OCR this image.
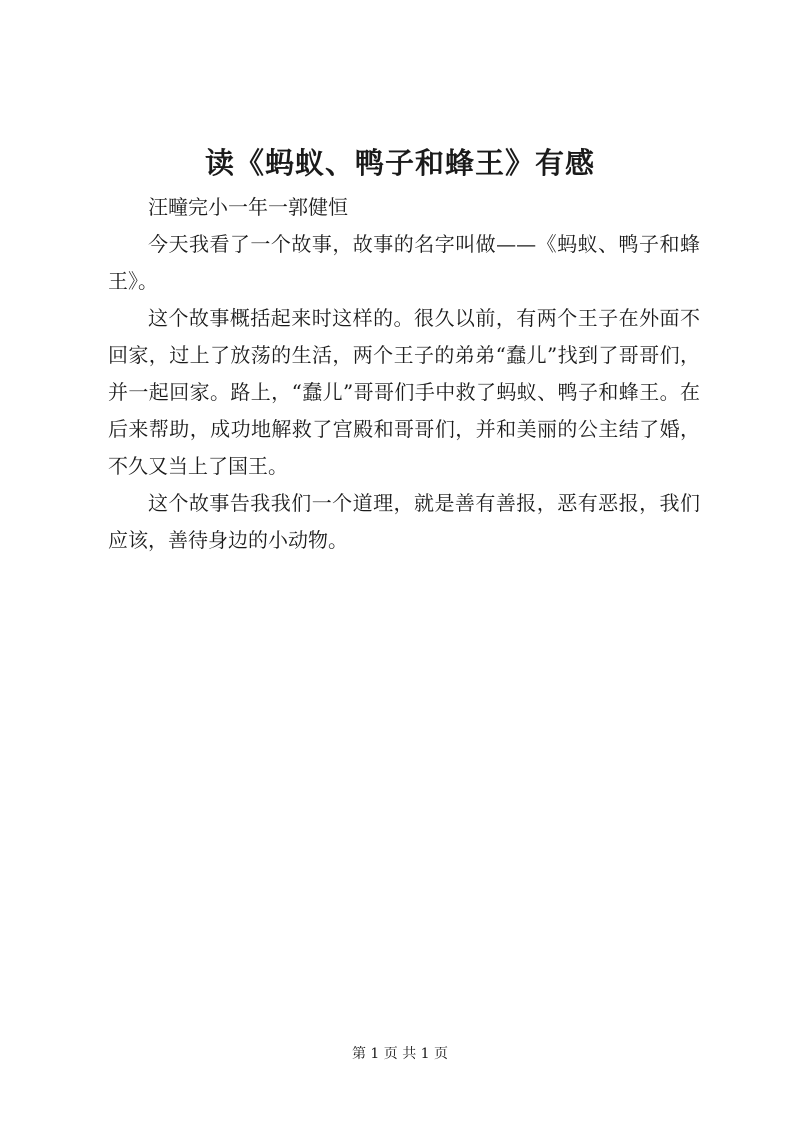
读《蚂蚁、鸭子和蜂王》有感

汪疃完小一年一郭健恒

今天我看了一个故事，故事的名字叫做——《蚂蚁、鸭子和蜂王》。

这个故事概括起来时这样的。很久以前，有两个王子在外面不回家，过上了放荡的生活，两个王子的弟弟“蠢儿”找到了哥哥们，并一起回家。路上，“蠢儿”哥哥们手中救了蚂蚁、鸭子和蜂王。在后来帮助，成功地解救了宫殿和哥哥们，并和美丽的公主结了婚，不久又当上了国王。

这个故事告我我们一个道理，就是善有善报，恶有恶报，我们应该，善待身边的小动物。

第 1 页 共 1 页
